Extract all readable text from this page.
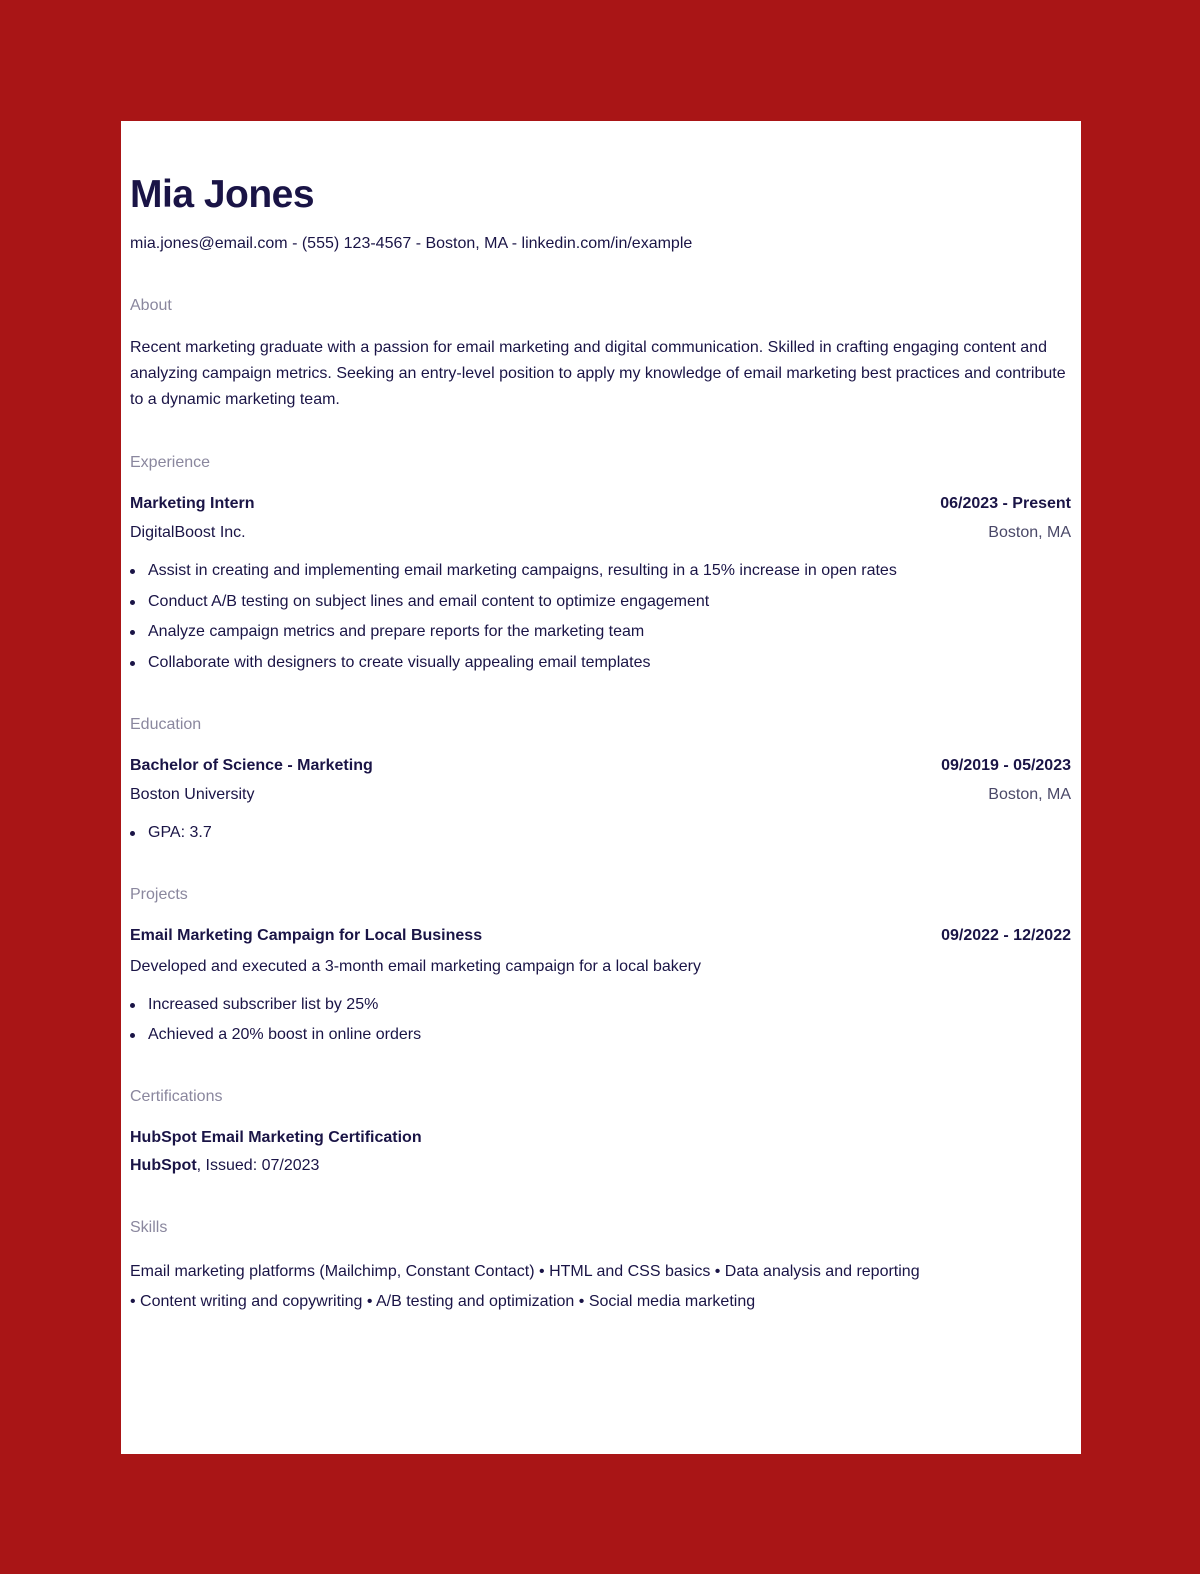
Mia Jones

mia.jones@email.com - (555) 123-4567 - Boston, MA - linkedin.com/in/example

About

Recent marketing graduate with a passion for email marketing and digital communication. Skilled in crafting engaging content and analyzing campaign metrics. Seeking an entry-level position to apply my knowledge of email marketing best practices and contribute to a dynamic marketing team.

Experience
Marketing Intern	06/2023 - Present
DigitalBoost Inc.	Boston, MA
Assist in creating and implementing email marketing campaigns, resulting in a 15% increase in open rates
Conduct A/B testing on subject lines and email content to optimize engagement
Analyze campaign metrics and prepare reports for the marketing team
Collaborate with designers to create visually appealing email templates
Education
Bachelor of Science - Marketing	09/2019 - 05/2023
Boston University	Boston, MA
GPA: 3.7
Projects
Email Marketing Campaign for Local Business	09/2022 - 12/2022
Developed and executed a 3-month email marketing campaign for a local bakery
Increased subscriber list by 25%
Achieved a 20% boost in online orders
Certifications
HubSpot Email Marketing Certification
HubSpot, Issued: 07/2023
Skills

Email marketing platforms (Mailchimp, Constant Contact) • HTML and CSS basics • Data analysis and reporting
• Content writing and copywriting • A/B testing and optimization • Social media marketing
